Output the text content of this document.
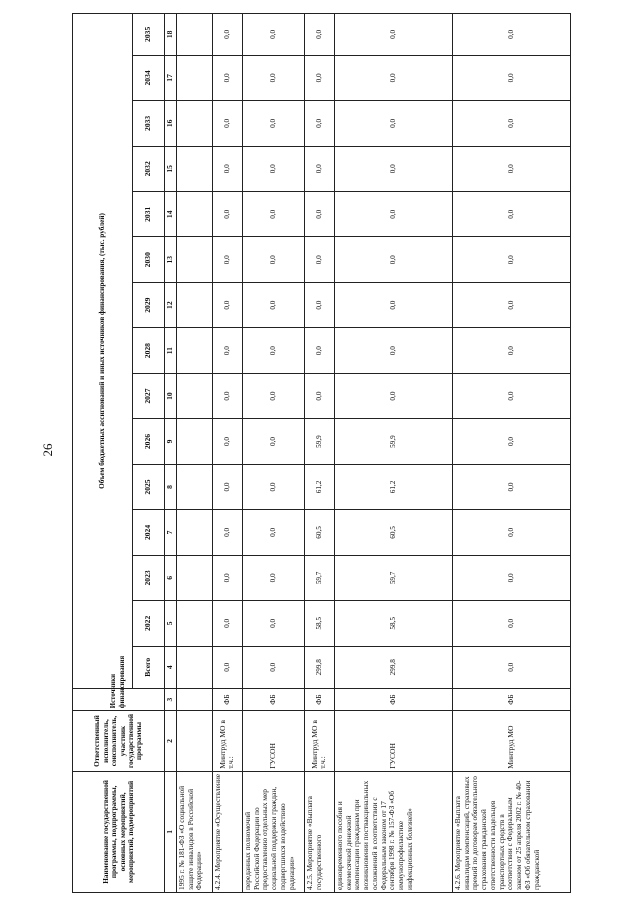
26
Наименование государственной программы, подпрограммы, основных мероприятий, мероприятий, подмероприятий	Ответственный исполнитель, соисполнитель, участник государственной программы	Источники финансирования	Объем бюджетных ассигнований и иных источников финансирования, (тыс. рублей)														
			Всего	2022	2023	2024	2025	2026	2027	2028	2029	2030	2031	2032	2033	2034	2035
1	2	3	4	5	6	7	8	9	10	11	12	13	14	15	16	17	18
1995 г. № 181-ФЗ «О социальной защите инвалидов в Российской Федерации»																	
4.2.4. Мероприятие «Осуществление	Минтруд МО в т.ч.:	ФБ	0,0	0,0	0,0	0,0	0,0	0,0	0,0	0,0	0,0	0,0	0,0	0,0	0,0	0,0	0,0
переданных полномочий Российской Федерации по предоставлению отдельных мер социальной поддержки граждан, подвергшихся воздействию радиации»	ГУСОН	ФБ	0,0	0,0	0,0	0,0	0,0	0,0	0,0	0,0	0,0	0,0	0,0	0,0	0,0	0,0	0,0
4.2.5. Мероприятие «Выплата государственного	Минтруд МО в т.ч.:	ФБ	299,8	58,5	59,7	60,5	61,2	59,9	0,0	0,0	0,0	0,0	0,0	0,0	0,0	0,0	0,0
единовременного пособия и ежемесячной денежной компенсации гражданам при возникновении поствакцинальных осложнений в соответствии с Федеральным законом от 17 сентября 1998 г. № 157-ФЗ «Об иммунопрофилактике инфекционных болезней»	ГУСОН	ФБ	299,8	58,5	59,7	60,5	61,2	59,9	0,0	0,0	0,0	0,0	0,0	0,0	0,0	0,0	0,0
4.2.6. Мероприятие «Выплата инвалидам компенсаций, страховых премий по договорам обязательного страхования гражданской ответственности владельцев транспортных средств в соответствии с Федеральным законом от 25 апреля 2002 г. № 40-ФЗ «Об обязательном страховании гражданской	Минтруд МО	ФБ	0,0	0,0	0,0	0,0	0,0	0,0	0,0	0,0	0,0	0,0	0,0	0,0	0,0	0,0	0,0
